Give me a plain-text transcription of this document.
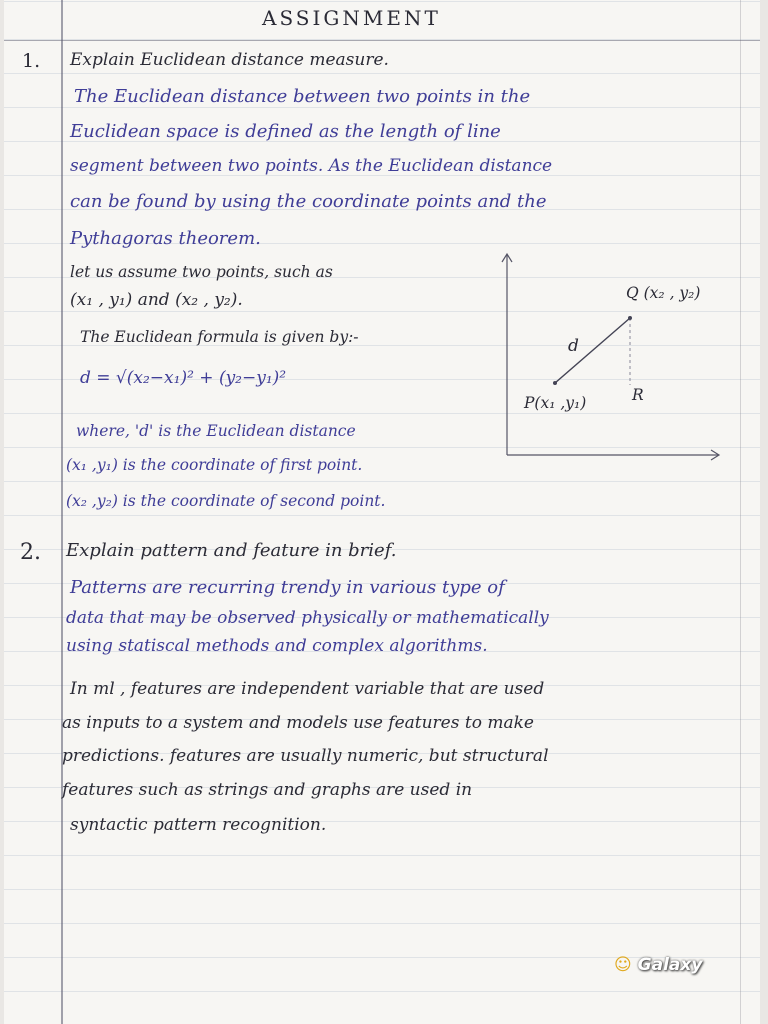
ASSIGNMENT
1. Explain Euclidean distance measure.
The Euclidean distance between two points in the
Euclidean space is defined as the length of line
segment between two points. As the Euclidean distance
can be found by using the coordinate points and the
Pythagoras theorem.
let us assume two points, such as
(x₁ , y₁) and (x₂ , y₂).
The Euclidean formula is given by:-
d = √(x₂−x₁)² + (y₂−y₁)²
where, 'd' is the Euclidean distance
(x₁ ,y₁) is the coordinate of first point.
(x₂ ,y₂) is the coordinate of second point.
Q (x₂ , y₂)
d
P(x₁ ,y₁)	R
2. Explain pattern and feature in brief.
Patterns are recurring trendy in various type of
data that may be observed physically or mathematically
using statiscal methods and complex algorithms.
In ml , features are independent variable that are used
as inputs to a system and models use features to make
predictions. features are usually numeric, but structural
features such as strings and graphs are used in
syntactic pattern recognition.
☺ Galaxy
